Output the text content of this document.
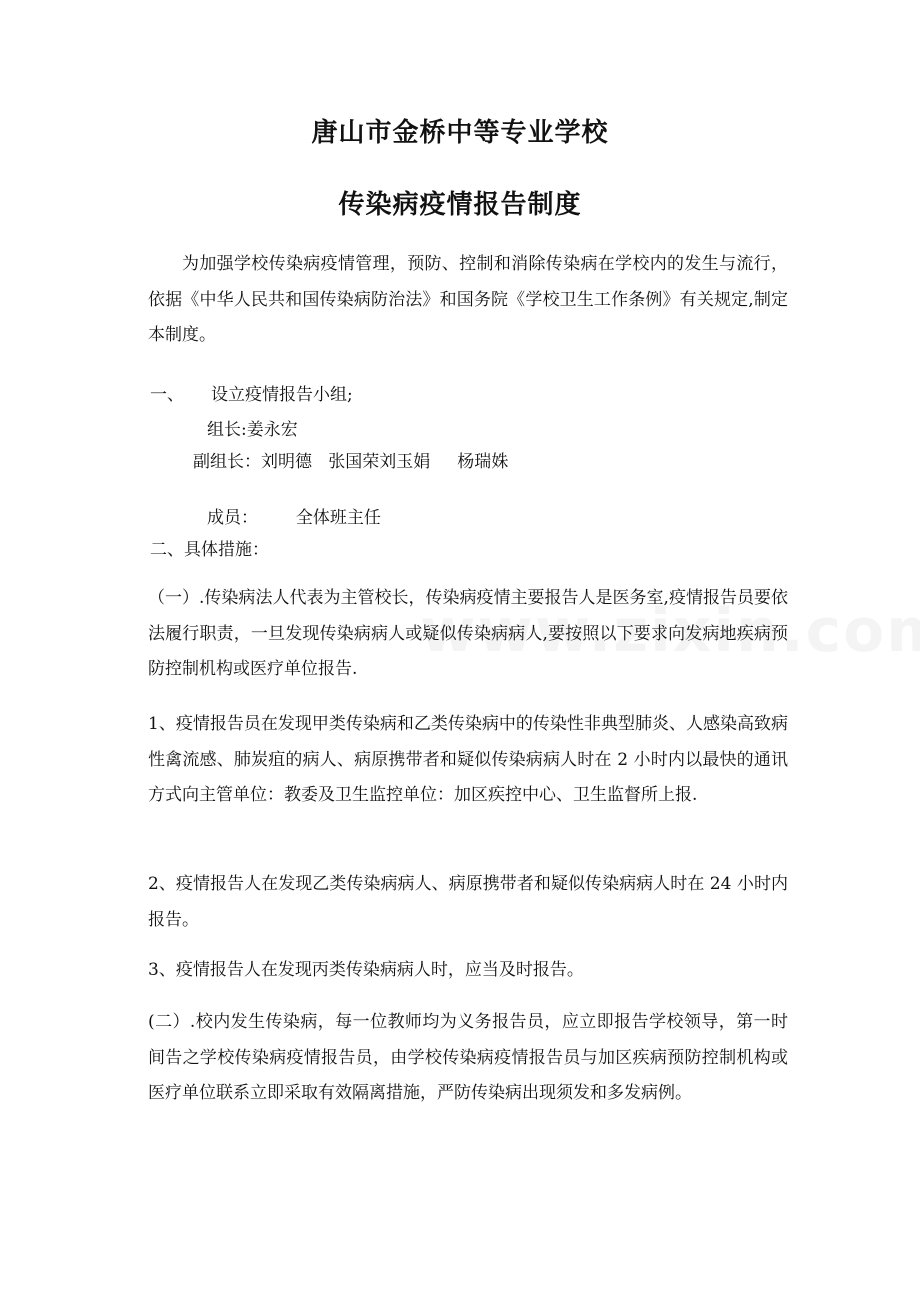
唐山市金桥中等专业学校
传染病疫情报告制度

为加强学校传染病疫情管理，预防、控制和消除传染病在学校内的发生与流行，依据《中华人民共和国传染病防治法》和国务院《学校卫生工作条例》有关规定,制定本制度。

一、     设立疫情报告小组;

组长:姜永宏

副组长：刘明德   张国荣刘玉娟     杨瑞姝

成员：       全体班主任

二、具体措施：

（一）.传染病法人代表为主管校长，传染病疫情主要报告人是医务室,疫情报告员要依法履行职责，一旦发现传染病病人或疑似传染病病人,要按照以下要求向发病地疾病预防控制机构或医疗单位报告.

1、疫情报告员在发现甲类传染病和乙类传染病中的传染性非典型肺炎、人感染高致病性禽流感、肺炭疽的病人、病原携带者和疑似传染病病人时在 2 小时内以最快的通讯方式向主管单位：教委及卫生监控单位：加区疾控中心、卫生监督所上报.

2、疫情报告人在发现乙类传染病病人、病原携带者和疑似传染病病人时在 24 小时内报告。

3、疫情报告人在发现丙类传染病病人时，应当及时报告。

(二）.校内发生传染病，每一位教师均为义务报告员，应立即报告学校领导，第一时间告之学校传染病疫情报告员，由学校传染病疫情报告员与加区疾病预防控制机构或医疗单位联系立即采取有效隔离措施，严防传染病出现须发和多发病例。
